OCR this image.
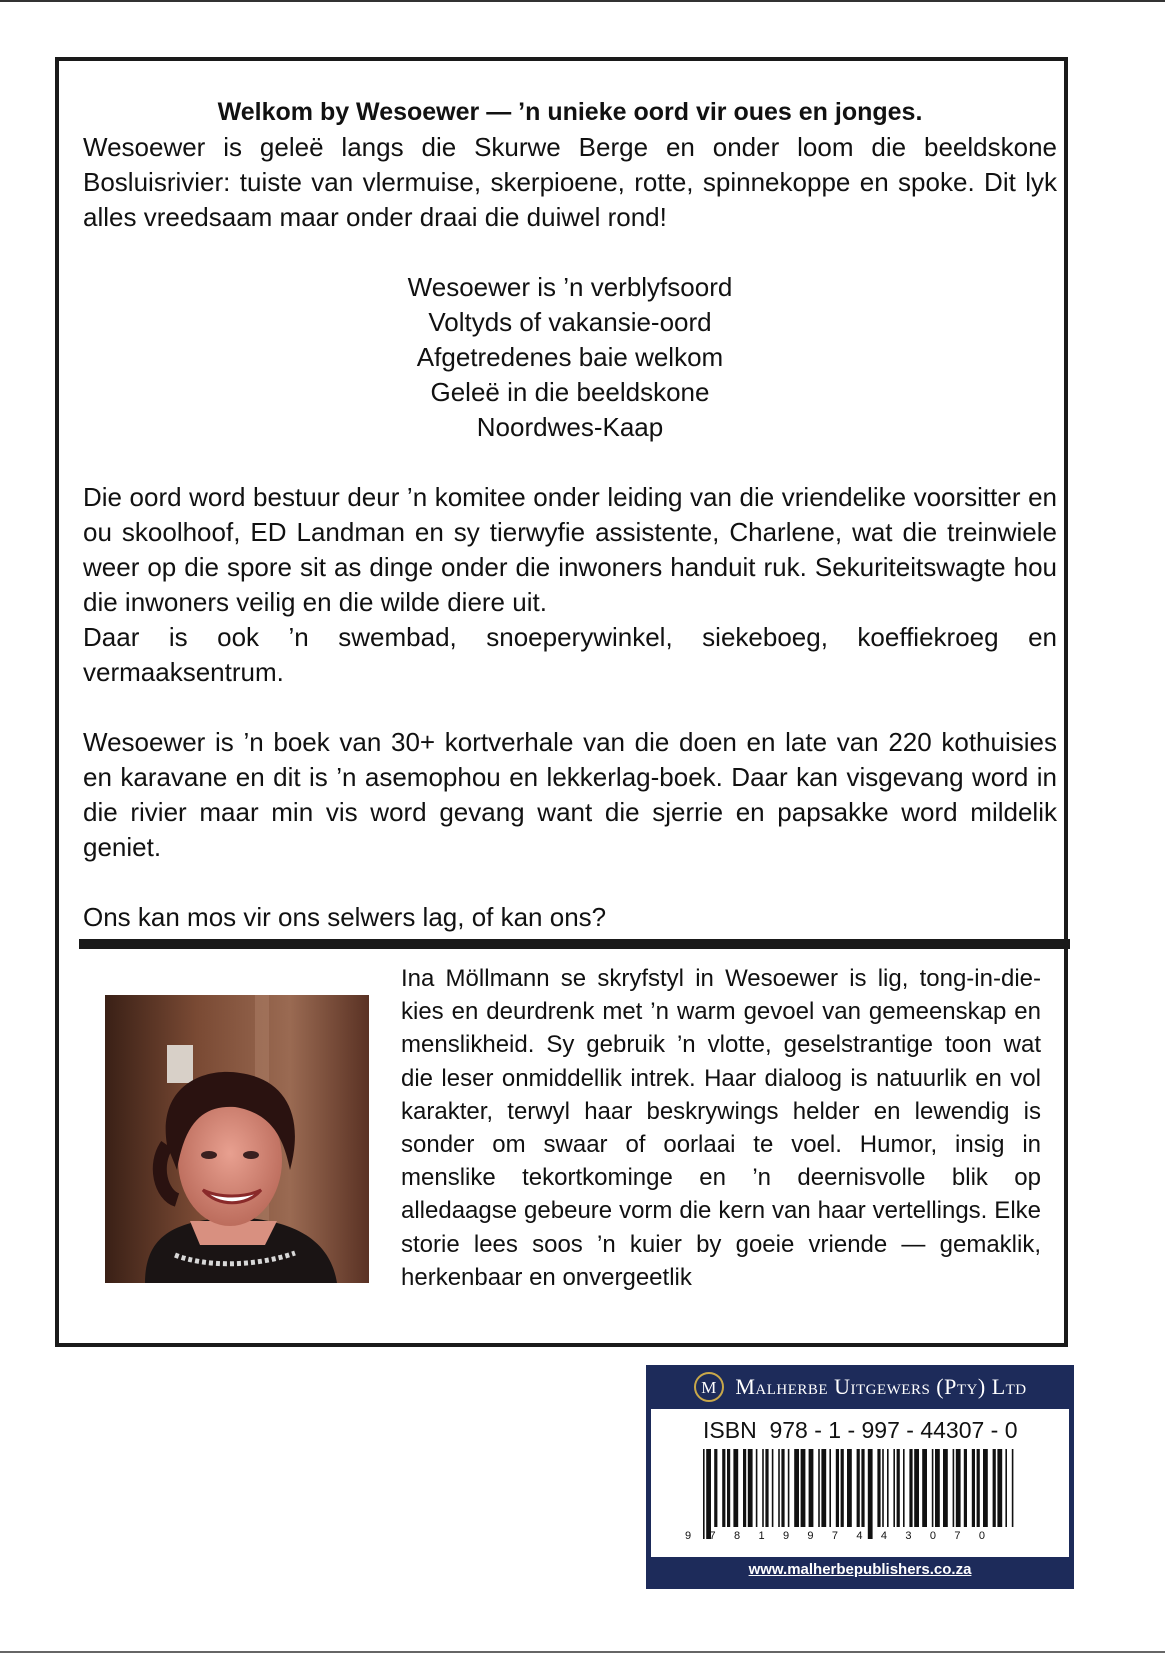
Welkom by Wesoewer — ’n unieke oord vir oues en jonges.

Wesoewer is geleë langs die Skurwe Berge en onder loom die beeldskone Bosluisrivier: tuiste van vlermuise, skerpioene, rotte, spinnekoppe en spoke. Dit lyk alles vreedsaam maar onder draai die duiwel rond!

Wesoewer is ’n verblyfsoord
Voltyds of vakansie-oord
Afgetredenes baie welkom
Geleë in die beeldskone
Noordwes-Kaap

Die oord word bestuur deur ’n komitee onder leiding van die vriendelike voorsitter en ou skoolhoof, ED Landman en sy tierwyfie assistente, Charlene, wat die treinwiele weer op die spore sit as dinge onder die inwoners handuit ruk. Sekuriteitswagte hou die inwoners veilig en die wilde diere uit.

Daar is ook ’n swembad, snoeperywinkel, siekeboeg, koeffiekroeg en vermaaksentrum.

Wesoewer is ’n boek van 30+ kortverhale van die doen en late van 220 kothuisies en karavane en dit is ’n asemophou en lekkerlag-boek. Daar kan visgevang word in die rivier maar min vis word gevang want die sjerrie en papsakke word mildelik geniet.

Ons kan mos vir ons selwers lag, of kan ons?

Ina Möllmann se skryfstyl in Wesoewer is lig, tong-in-die-kies en deurdrenk met ’n warm gevoel van gemeenskap en menslikheid. Sy gebruik ’n vlotte, geselstrantige toon wat die leser onmiddellik intrek. Haar dialoog is natuurlik en vol karakter, terwyl haar beskrywings helder en lewendig is sonder om swaar of oorlaai te voel. Humor, insig in menslike tekortkominge en ’n deernisvolle blik op alledaagse gebeure vorm die kern van haar vertellings. Elke storie lees soos ’n kuier by goeie vriende — gemaklik, herkenbaar en onvergeetlik

M Malherbe Uitgewers (Pty) Ltd
ISBN  978 - 1 - 997 - 44307 - 0
9 7 8 1 9 9 7 4 4 3 0 7 0
www.malherbepublishers.co.za
